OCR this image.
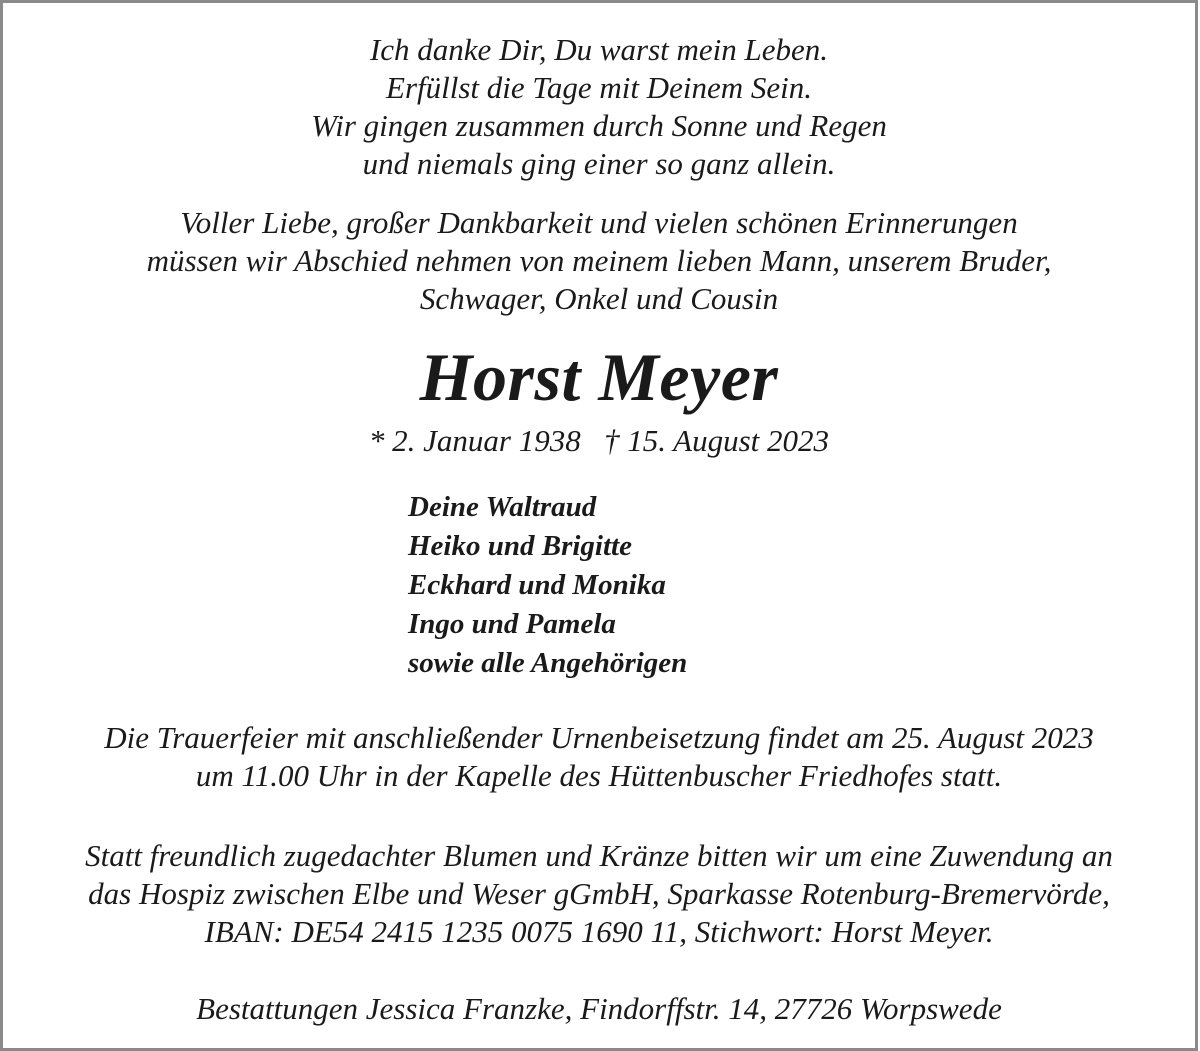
Ich danke Dir, Du warst mein Leben.
Erfüllst die Tage mit Deinem Sein.
Wir gingen zusammen durch Sonne und Regen
und niemals ging einer so ganz allein.
Voller Liebe, großer Dankbarkeit und vielen schönen Erinnerungen
müssen wir Abschied nehmen von meinem lieben Mann, unserem Bruder,
Schwager, Onkel und Cousin
Horst Meyer
* 2. Januar 1938   † 15. August 2023
Deine Waltraud
Heiko und Brigitte
Eckhard und Monika
Ingo und Pamela
sowie alle Angehörigen
Die Trauerfeier mit anschließender Urnenbeisetzung findet am 25. August 2023
um 11.00 Uhr in der Kapelle des Hüttenbuscher Friedhofes statt.
Statt freundlich zugedachter Blumen und Kränze bitten wir um eine Zuwendung an
das Hospiz zwischen Elbe und Weser gGmbH, Sparkasse Rotenburg-Bremervörde,
IBAN: DE54 2415 1235 0075 1690 11, Stichwort: Horst Meyer.
Bestattungen Jessica Franzke, Findorffstr. 14, 27726 Worpswede
